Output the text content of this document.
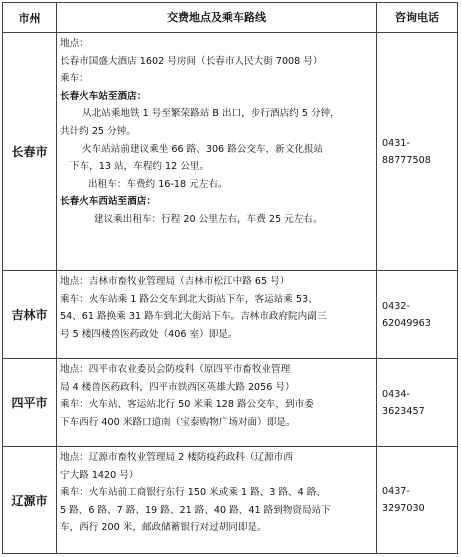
市州	交费地点及乘车路线	咨询电话
长春市
地点：
长春市国盛大酒店 1602 号房间（长春市人民大街 7008 号）
乘车：
长春火车站至酒店：
从北站乘地铁 1 号至繁荣路站 B 出口，步行酒店约 5 分钟，
共计约 25 分钟。
火车站站前建议乘坐 66 路、306 路公交车，新文化报站
下车，13 站，车程约 12 公里。
出租车：车费约 16-18 元左右。
长春火车西站至酒店：
建议乘出租车：行程 20 公里左右，车费 25 元左右。
0431-
88777508
吉林市
地点：吉林市畜牧业管理局（吉林市松江中路 65 号）
乘车：火车站乘 1 路公交车到北大街站下车，客运站乘 53、
54、61 路换乘 31 路车到北大街站下车。吉林市政府院内副三
号 5 楼四楼兽医药政处（406 室）即是。
0432-
62049963
四平市
地点：四平市农业委员会防疫科（原四平市畜牧业管理
局 4 楼兽医药政科，四平市铁西区英雄大路 2056 号）
乘车：火车站、客运站北行 50 米乘 128 路公交车，到市委
下车西行 400 米路口道南（宝泰购物广场对面）即是。
0434-
3623457
辽源市
地点：辽源市畜牧业管理局 2 楼防疫药政科（辽源市西
宁大路 1420 号）
乘车：火车站前工商银行东行 150 米或乘 1 路、3 路、4 路、
5 路、6 路、7 路、19 路、21 路、40 路、41 路到物资局站下
车，西行 200 米，邮政储蓄银行对过胡同即是。
0437-
3297030
